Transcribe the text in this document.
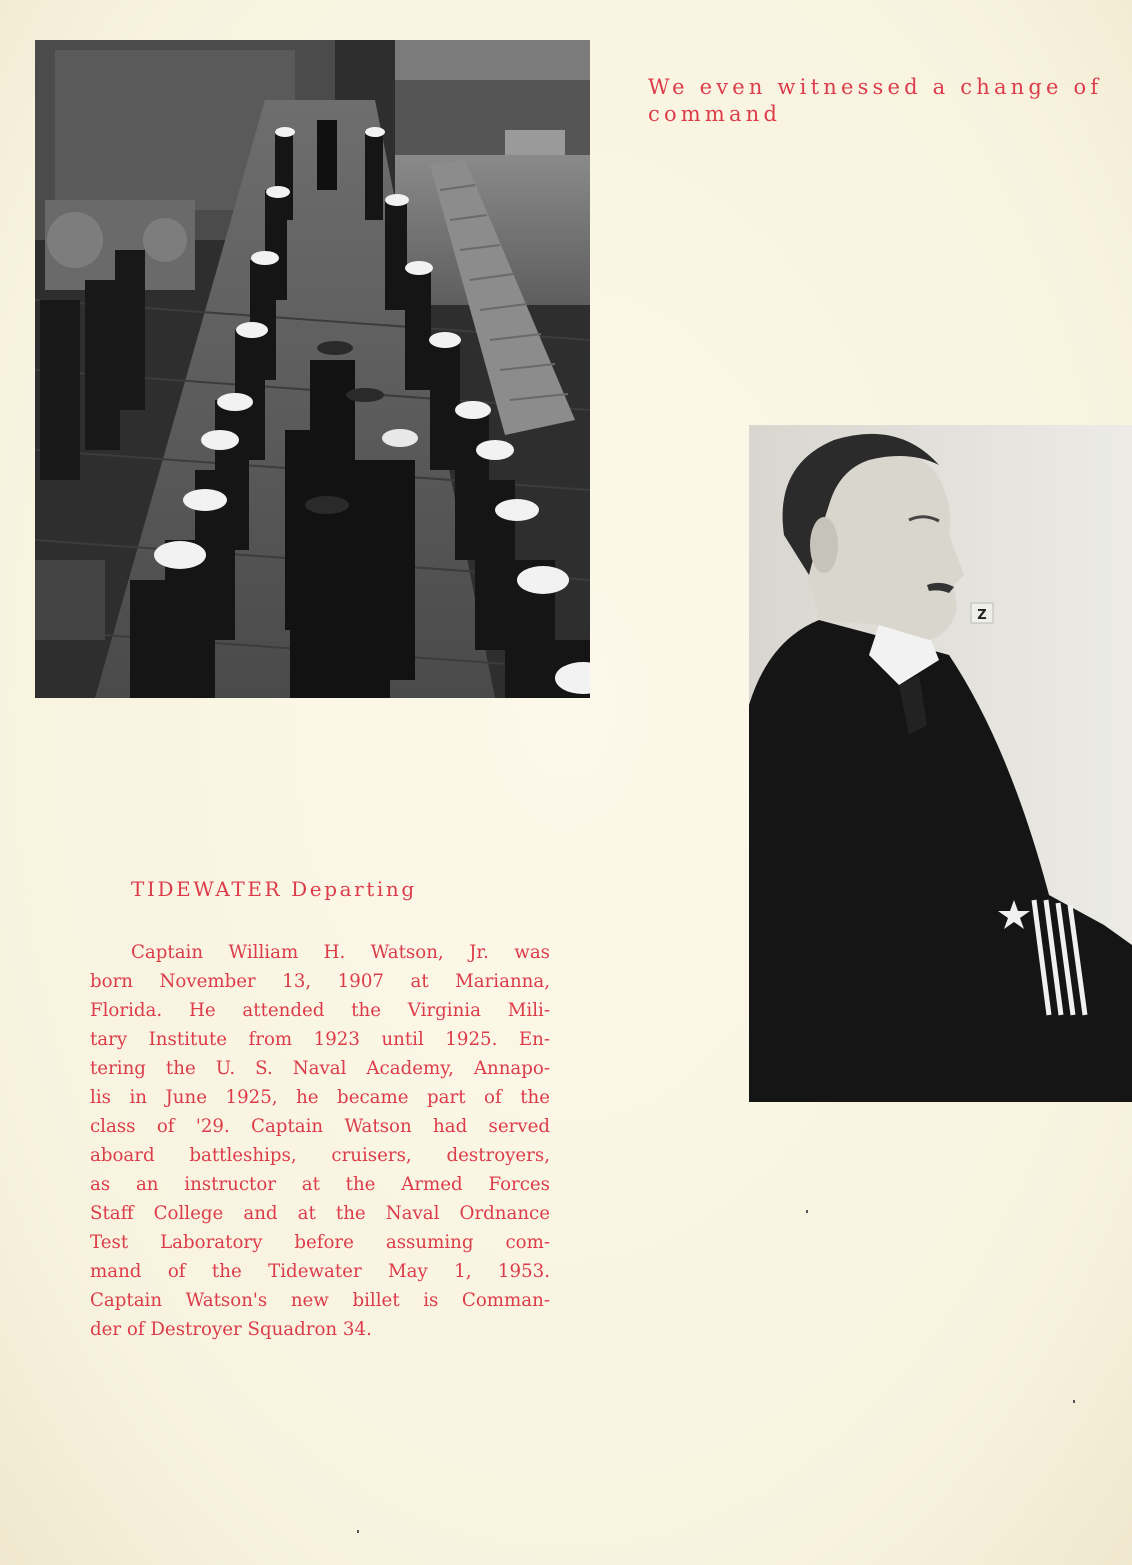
We even witnessed a change of command
Z
TIDEWATER Departing

Captain William H. Watson, Jr. was
born November 13, 1907 at Marianna,
Florida. He attended the Virginia Mili-
tary Institute from 1923 until 1925. En-
tering the U. S. Naval Academy, Annapo-
lis in June 1925, he became part of the
class of '29. Captain Watson had served
aboard battleships, cruisers, destroyers,
as an instructor at the Armed Forces
Staff College and at the Naval Ordnance
Test Laboratory before assuming com-
mand of the Tidewater May 1, 1953.
Captain Watson's new billet is Comman-
der of Destroyer Squadron 34.
